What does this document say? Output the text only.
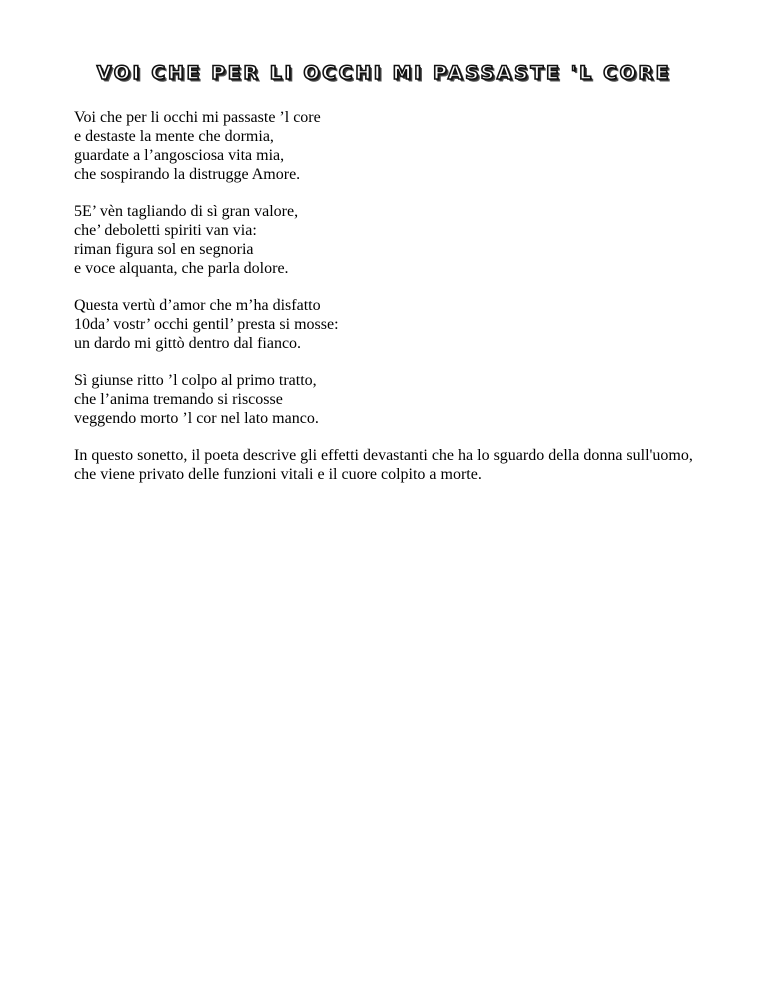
VOI CHE PER LI OCCHI MI PASSASTE 'L CORE
Voi che per li occhi mi passaste ’l core
e destaste la mente che dormia,
guardate a l’angosciosa vita mia,
che sospirando la distrugge Amore.
5E’ vèn tagliando di sì gran valore,
che’ deboletti spiriti van via:
riman figura sol en segnoria
e voce alquanta, che parla dolore.
Questa vertù d’amor che m’ha disfatto
10da’ vostr’ occhi gentil’ presta si mosse:
un dardo mi gittò dentro dal fianco.
Sì giunse ritto ’l colpo al primo tratto,
che l’anima tremando si riscosse
veggendo morto ’l cor nel lato manco.

In questo sonetto, il poeta descrive gli effetti devastanti che ha lo sguardo della donna sull'uomo, che viene privato delle funzioni vitali e il cuore colpito a morte.
